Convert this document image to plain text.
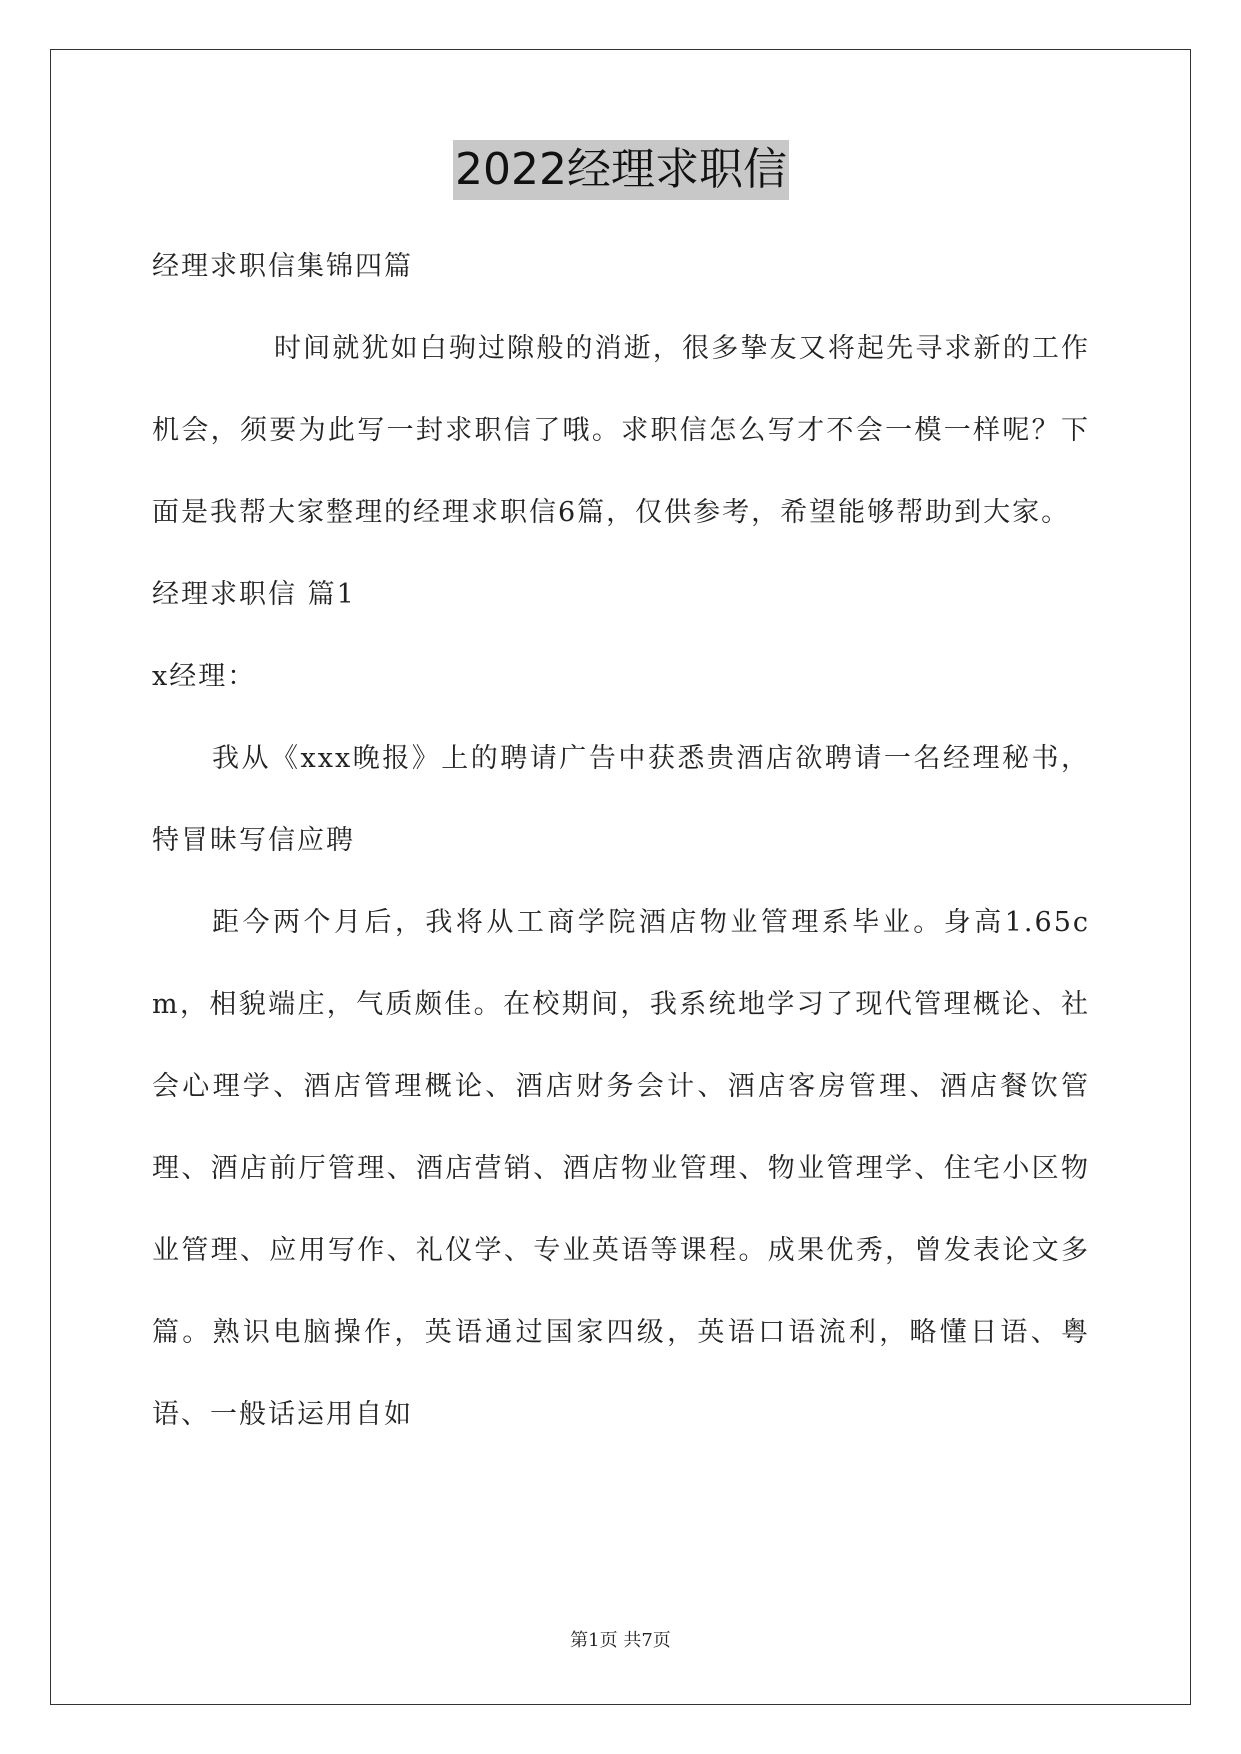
2022经理求职信

经理求职信集锦四篇

时间就犹如白驹过隙般的消逝，很多挚友又将起先寻求新的工作机会，须要为此写一封求职信了哦。求职信怎么写才不会一模一样呢？下面是我帮大家整理的经理求职信6篇，仅供参考，希望能够帮助到大家。

经理求职信 篇1

x经理：

我从《xxx晚报》上的聘请广告中获悉贵酒店欲聘请一名经理秘书，特冒昧写信应聘

距今两个月后，我将从工商学院酒店物业管理系毕业。身高1.65cm，相貌端庄，气质颇佳。在校期间，我系统地学习了现代管理概论、社会心理学、酒店管理概论、酒店财务会计、酒店客房管理、酒店餐饮管理、酒店前厅管理、酒店营销、酒店物业管理、物业管理学、住宅小区物业管理、应用写作、礼仪学、专业英语等课程。成果优秀，曾发表论文多篇。熟识电脑操作，英语通过国家四级，英语口语流利，略懂日语、粤语、一般话运用自如

第1页 共7页
